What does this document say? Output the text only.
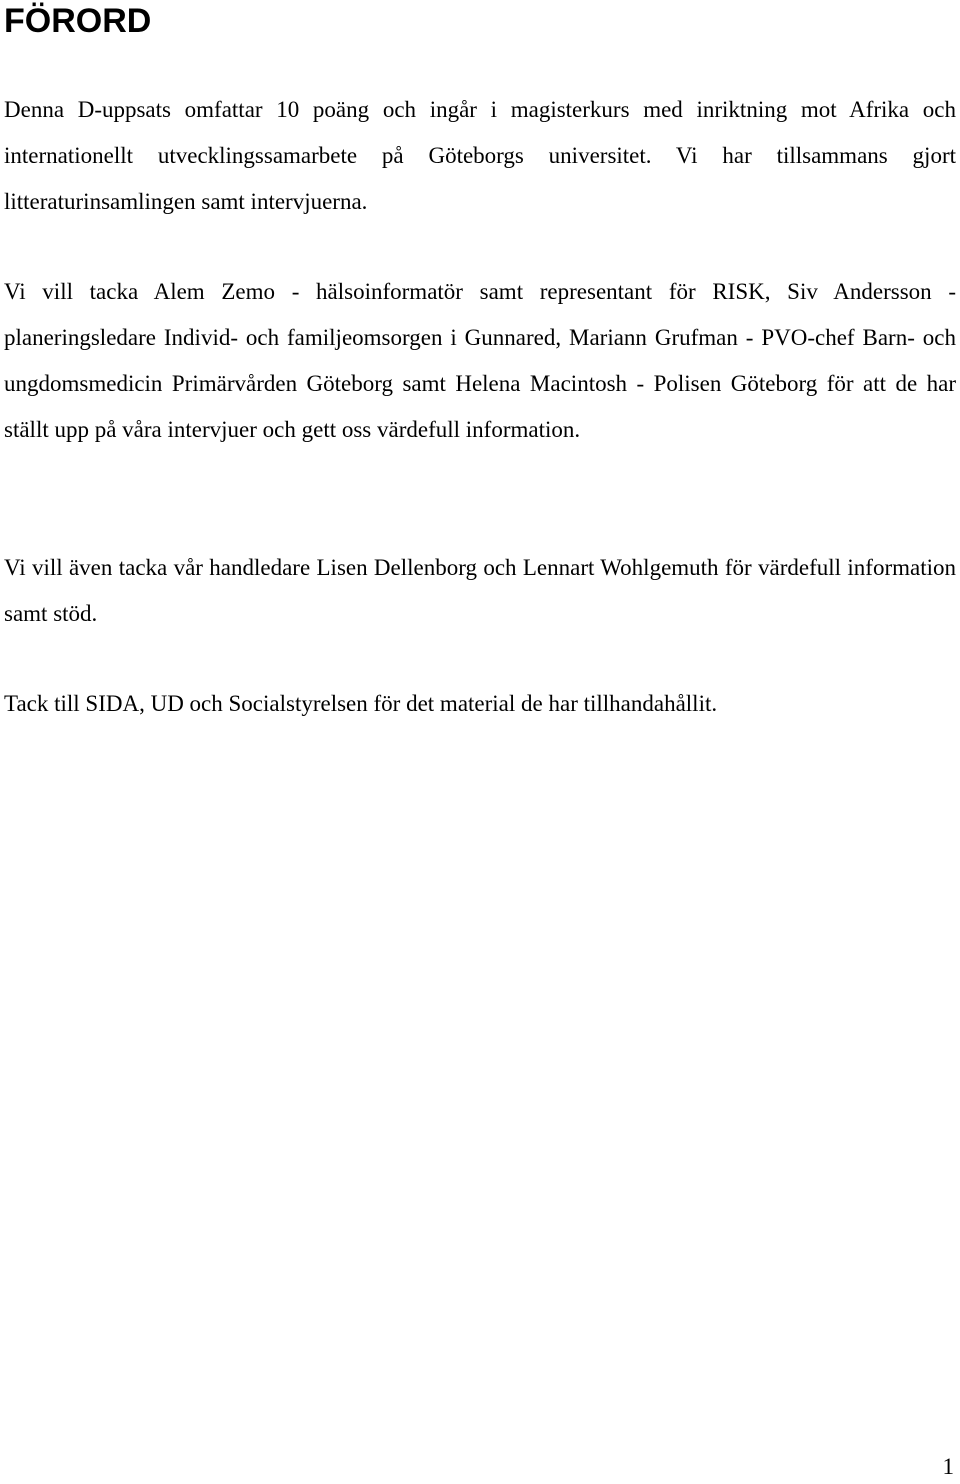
FÖRORD

Denna D-uppsats omfattar 10 poäng och ingår i magisterkurs med inriktning mot Afrika och internationellt utvecklingssamarbete på Göteborgs universitet. Vi har tillsammans gjort litteraturinsamlingen samt intervjuerna.

Vi vill tacka Alem Zemo - hälsoinformatör samt representant för RISK, Siv Andersson - planeringsledare Individ- och familjeomsorgen i Gunnared, Mariann Grufman - PVO-chef Barn- och ungdomsmedicin Primärvården Göteborg samt Helena Macintosh - Polisen Göteborg för att de har ställt upp på våra intervjuer och gett oss värdefull information.

Vi vill även tacka vår handledare Lisen Dellenborg och Lennart Wohlgemuth för värdefull information samt stöd.

Tack till SIDA, UD och Socialstyrelsen för det material de har tillhandahållit.

1
